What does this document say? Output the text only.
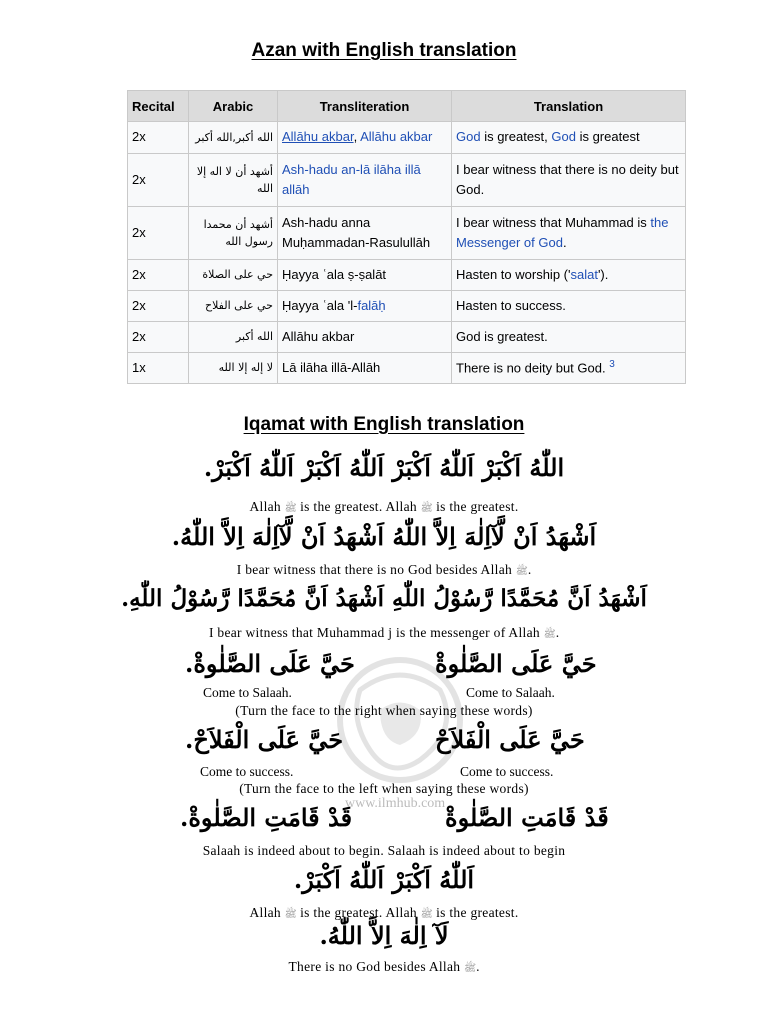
Azan with English translation
Recital	Arabic	Transliteration	Translation
2x	الله أكبر,الله أكبر	Allāhu akbar, Allāhu akbar	God is greatest, God is greatest
2x	أشهد أن لا اله إلا الله	Ash-hadu an-lā ilāha illā allāh	I bear witness that there is no deity but God.
2x	أشهد أن محمدا رسول الله	Ash-hadu anna Muḥammadan-Rasulullāh	I bear witness that Muhammad is the Messenger of God.
2x	حي على الصلاة	Ḥayya ʿala ṣ-ṣalāt	Hasten to worship ('salat').
2x	حي على الفلاح	Ḥayya ʿala 'l-falāḥ	Hasten to success.
2x	الله أكبر	Allāhu akbar	God is greatest.
1x	لا إله إلا الله	Lā ilāha illā-Allāh	There is no deity but God. $^3$
Iqamat with English translation
www.ilmhub.com

اللّٰهُ اَكْبَرْ اَللّٰهُ اَكْبَرْ اَللّٰهُ اَكْبَرْ اَللّٰهُ اَكْبَرْ.

Allah ﷺ is the greatest. Allah ﷺ is the greatest.

اَشْهَدُ اَنْ لَّآاِلٰهَ اِلاَّ اللّٰهُ اَشْهَدُ اَنْ لَّآاِلٰهَ اِلاَّ اللّٰهُ.

I bear witness that there is no God besides Allah ﷺ.

اَشْهَدُ اَنَّ مُحَمَّدًا رَّسُوْلُ اللّٰهِ اَشْهَدُ اَنَّ مُحَمَّدًا رَّسُوْلُ اللّٰهِ.

I bear witness that Muhammad j is the messenger of Allah ﷺ.

حَيَّ عَلَى الصَّلٰوةْ.	حَيَّ عَلَى الصَّلٰوةْ
Come to Salaah.	Come to Salaah.

(Turn the face to the right when saying these words)

حَيَّ عَلَى الْفَلاَحْ.	حَيَّ عَلَى الْفَلاَحْ
Come to success.	Come to success.

(Turn the face to the left when saying these words)

قَدْ قَامَتِ الصَّلٰوةْ.	قَدْ قَامَتِ الصَّلٰوةْ

Salaah is indeed about to begin. Salaah is indeed about to begin

اَللّٰهُ اَكْبَرْ اَللّٰهُ اَكْبَرْ.

Allah ﷺ is the greatest. Allah ﷺ is the greatest.

لَآ اِلٰهَ اِلاَّ اللّٰهُ.

There is no God besides Allah ﷺ.
